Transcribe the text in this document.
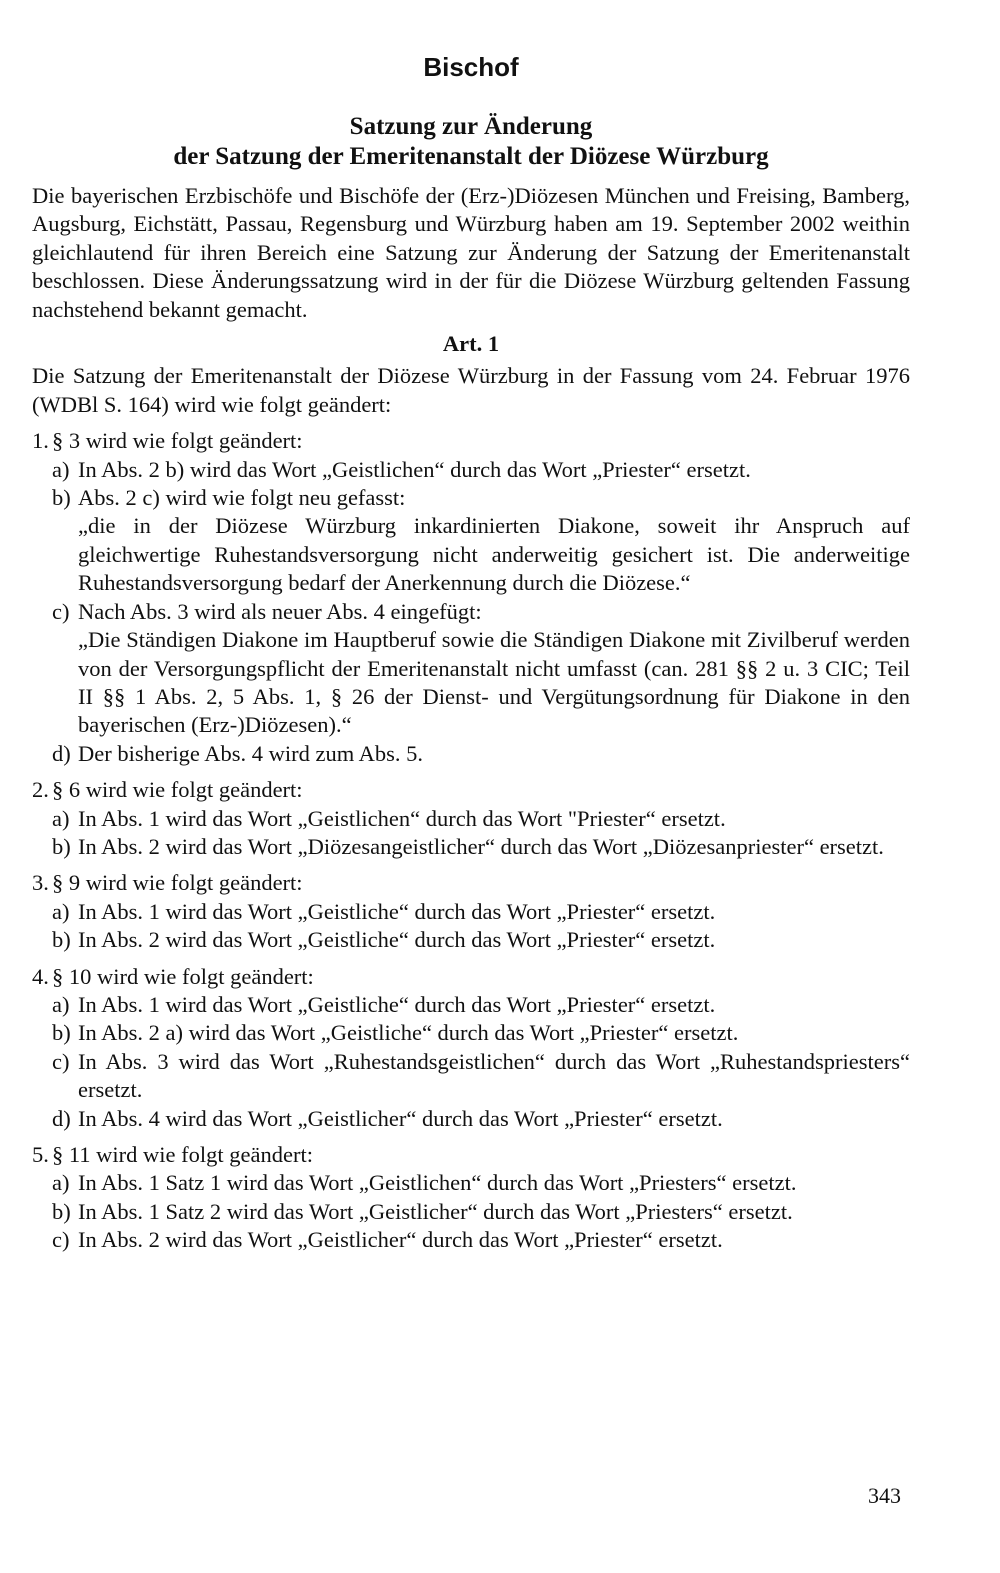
Bischof
Satzung zur Änderung
der Satzung der Emeritenanstalt der Diözese Würzburg
Die bayerischen Erzbischöfe und Bischöfe der (Erz-)Diözesen München und Freising, Bamberg, Augsburg, Eichstätt, Passau, Regensburg und Würzburg haben am 19. September 2002 weithin gleichlautend für ihren Bereich eine Satzung zur Änderung der Satzung der Emeritenanstalt beschlossen. Diese Änderungssatzung wird in der für die Diözese Würzburg geltenden Fassung nachstehend bekannt gemacht.
Art. 1
Die Satzung der Emeritenanstalt der Diözese Würzburg in der Fassung vom 24. Februar 1976 (WDBl S. 164) wird wie folgt geändert:
1. § 3 wird wie folgt geändert:
a) In Abs. 2 b) wird das Wort „Geistlichen“ durch das Wort „Priester“ ersetzt.
b) Abs. 2 c) wird wie folgt neu gefasst:
„die in der Diözese Würzburg inkardinierten Diakone, soweit ihr Anspruch auf gleichwertige Ruhestandsversorgung nicht anderweitig gesichert ist. Die anderweitige Ruhestandsversorgung bedarf der Anerkennung durch die Diözese.“
c) Nach Abs. 3 wird als neuer Abs. 4 eingefügt:
„Die Ständigen Diakone im Hauptberuf sowie die Ständigen Diakone mit Zivilberuf werden von der Versorgungspflicht der Emeritenanstalt nicht umfasst (can. 281 §§ 2 u. 3 CIC; Teil II §§ 1 Abs. 2, 5 Abs. 1, § 26 der Dienst- und Vergütungsordnung für Diakone in den bayerischen (Erz-)Diözesen).“
d) Der bisherige Abs. 4 wird zum Abs. 5.
2. § 6 wird wie folgt geändert:
a) In Abs. 1 wird das Wort „Geistlichen“ durch das Wort "Priester“ ersetzt.
b) In Abs. 2 wird das Wort „Diözesangeistlicher“ durch das Wort „Diözesanpriester“ ersetzt.
3. § 9 wird wie folgt geändert:
a) In Abs. 1 wird das Wort „Geistliche“ durch das Wort „Priester“ ersetzt.
b) In Abs. 2 wird das Wort „Geistliche“ durch das Wort „Priester“ ersetzt.
4. § 10 wird wie folgt geändert:
a) In Abs. 1 wird das Wort „Geistliche“ durch das Wort „Priester“ ersetzt.
b) In Abs. 2 a) wird das Wort „Geistliche“ durch das Wort „Priester“ ersetzt.
c) In Abs. 3 wird das Wort „Ruhestandsgeistlichen“ durch das Wort „Ruhestandspriesters“ ersetzt.
d) In Abs. 4 wird das Wort „Geistlicher“ durch das Wort „Priester“ ersetzt.
5. § 11 wird wie folgt geändert:
a) In Abs. 1 Satz 1 wird das Wort „Geistlichen“ durch das Wort „Priesters“ ersetzt.
b) In Abs. 1 Satz 2 wird das Wort „Geistlicher“ durch das Wort „Priesters“ ersetzt.
c) In Abs. 2 wird das Wort „Geistlicher“ durch das Wort „Priester“ ersetzt.
343
